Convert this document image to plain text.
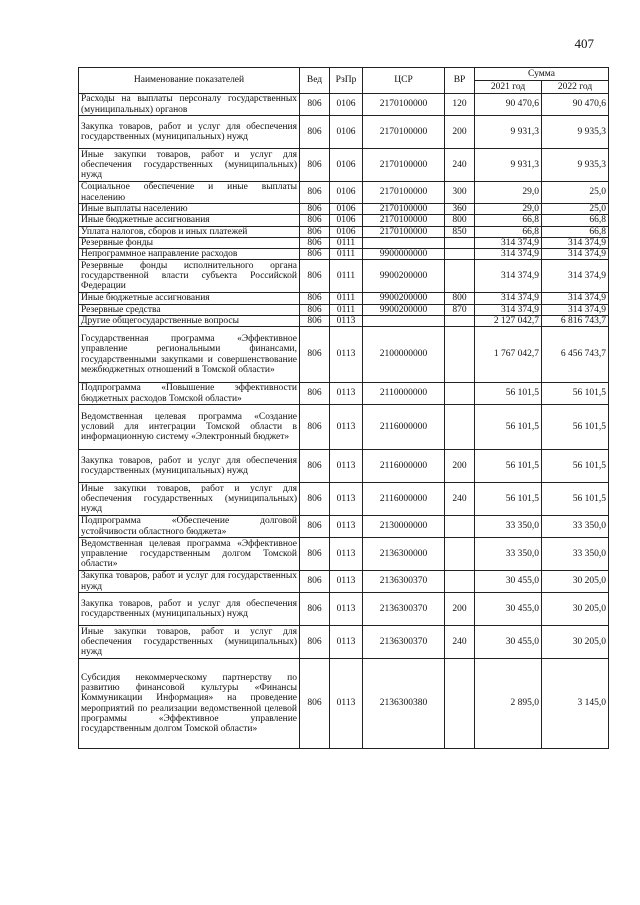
407
Наименование показателей	Вед	РзПр	ЦСР	ВР	Сумма	
					2021 год	2022 год
Расходы на выплаты персоналу государственных (муниципальных) органов	806	0106	2170100000	120	90 470,6	90 470,6
Закупка товаров, работ и услуг для обеспечения государственных (муниципальных) нужд	806	0106	2170100000	200	9 931,3	9 935,3
Иные закупки товаров, работ и услуг для обеспечения государственных (муниципальных) нужд	806	0106	2170100000	240	9 931,3	9 935,3
Социальное обеспечение и иные выплаты населению	806	0106	2170100000	300	29,0	25,0
Иные выплаты населению	806	0106	2170100000	360	29,0	25,0
Иные бюджетные ассигнования	806	0106	2170100000	800	66,8	66,8
Уплата налогов, сборов и иных платежей	806	0106	2170100000	850	66,8	66,8
Резервные фонды	806	0111			314 374,9	314 374,9
Непрограммное направление расходов	806	0111	9900000000		314 374,9	314 374,9
Резервные фонды исполнительного органа государственной власти субъекта Российской Федерации	806	0111	9900200000		314 374,9	314 374,9
Иные бюджетные ассигнования	806	0111	9900200000	800	314 374,9	314 374,9
Резервные средства	806	0111	9900200000	870	314 374,9	314 374,9
Другие общегосударственные вопросы	806	0113			2 127 042,7	6 816 743,7
Государственная программа «Эффективное управление региональными финансами, государственными закупками и совершенствование межбюджетных отношений в Томской области»	806	0113	2100000000		1 767 042,7	6 456 743,7
Подпрограмма «Повышение эффективности бюджетных расходов Томской области»	806	0113	2110000000		56 101,5	56 101,5
Ведомственная целевая программа «Создание условий для интеграции Томской области в информационную систему «Электронный бюджет»	806	0113	2116000000		56 101,5	56 101,5
Закупка товаров, работ и услуг для обеспечения государственных (муниципальных) нужд	806	0113	2116000000	200	56 101,5	56 101,5
Иные закупки товаров, работ и услуг для обеспечения государственных (муниципальных) нужд	806	0113	2116000000	240	56 101,5	56 101,5
Подпрограмма «Обеспечение долговой устойчивости областного бюджета»	806	0113	2130000000		33 350,0	33 350,0
Ведомственная целевая программа «Эффективное управление государственным долгом Томской области»	806	0113	2136300000		33 350,0	33 350,0
Закупка товаров, работ и услуг для государственных нужд	806	0113	2136300370		30 455,0	30 205,0
Закупка товаров, работ и услуг для обеспечения государственных (муниципальных) нужд	806	0113	2136300370	200	30 455,0	30 205,0
Иные закупки товаров, работ и услуг для обеспечения государственных (муниципальных) нужд	806	0113	2136300370	240	30 455,0	30 205,0
Субсидия некоммерческому партнерству по развитию финансовой культуры «Финансы Коммуникации Информация» на проведение мероприятий по реализации ведомственной целевой программы «Эффективное управление государственным долгом Томской области»	806	0113	2136300380		2 895,0	3 145,0
